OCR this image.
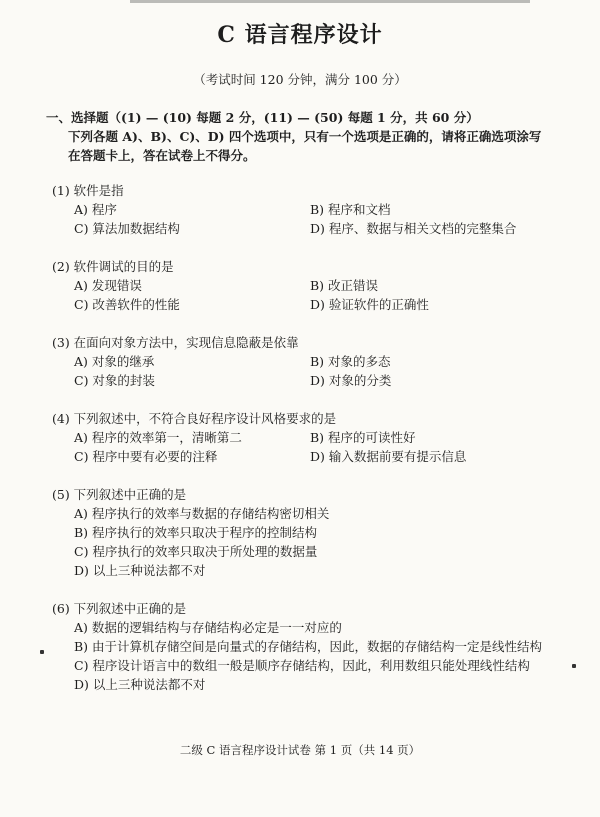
C 语言程序设计
（考试时间 120 分钟，满分 100 分）
一、选择题（(1) — (10) 每题 2 分，(11) — (50) 每题 1 分，共 60 分）
下列各题 A)、B)、C)、D) 四个选项中，只有一个选项是正确的，请将正确选项涂写
在答题卡上，答在试卷上不得分。
(1) 软件是指
A) 程序	B) 程序和文档
C) 算法加数据结构	D) 程序、数据与相关文档的完整集合
(2) 软件调试的目的是
A) 发现错误	B) 改正错误
C) 改善软件的性能	D) 验证软件的正确性
(3) 在面向对象方法中，实现信息隐蔽是依靠
A) 对象的继承	B) 对象的多态
C) 对象的封装	D) 对象的分类
(4) 下列叙述中，不符合良好程序设计风格要求的是
A) 程序的效率第一，清晰第二	B) 程序的可读性好
C) 程序中要有必要的注释	D) 输入数据前要有提示信息
(5) 下列叙述中正确的是
A) 程序执行的效率与数据的存储结构密切相关
B) 程序执行的效率只取决于程序的控制结构
C) 程序执行的效率只取决于所处理的数据量
D) 以上三种说法都不对
(6) 下列叙述中正确的是
A) 数据的逻辑结构与存储结构必定是一一对应的
B) 由于计算机存储空间是向量式的存储结构，因此，数据的存储结构一定是线性结构
C) 程序设计语言中的数组一般是顺序存储结构，因此，利用数组只能处理线性结构
D) 以上三种说法都不对
二级 C 语言程序设计试卷 第 1 页（共 14 页）
